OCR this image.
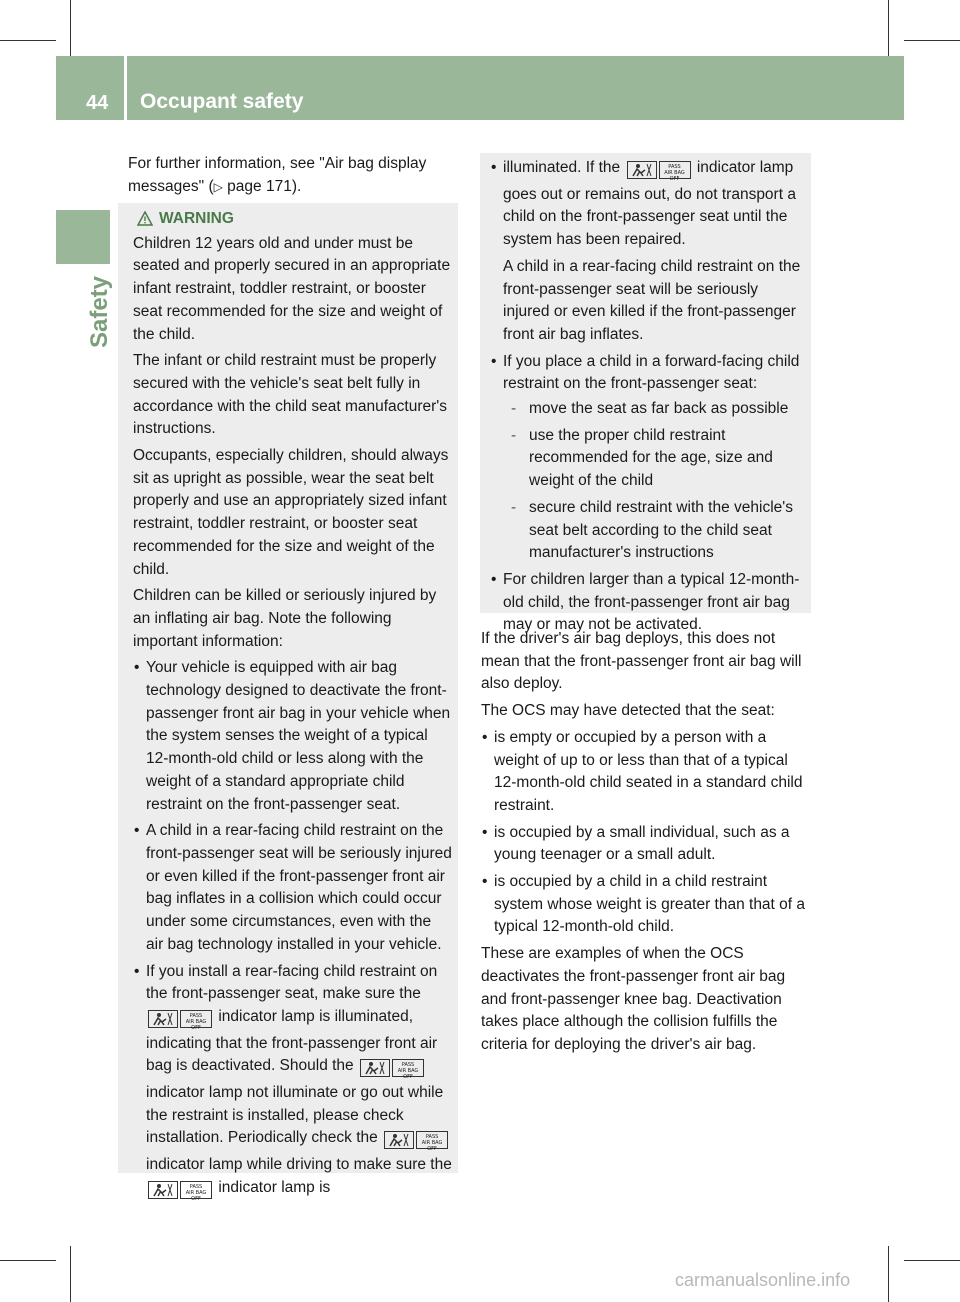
44 Occupant safety
Safety

For further information, see "Air bag display messages" (▷ page 171).

WARNING

Children 12 years old and under must be seated and properly secured in an appropriate infant restraint, toddler restraint, or booster seat recommended for the size and weight of the child.

The infant or child restraint must be properly secured with the vehicle's seat belt fully in accordance with the child seat manufacturer's instructions.

Occupants, especially children, should always sit as upright as possible, wear the seat belt properly and use an appropriately sized infant restraint, toddler restraint, or booster seat recommended for the size and weight of the child.

Children can be killed or seriously injured by an inflating air bag. Note the following important information:

• Your vehicle is equipped with air bag technology designed to deactivate the front-passenger front air bag in your vehicle when the system senses the weight of a typical 12-month-old child or less along with the weight of a standard appropriate child restraint on the front-passenger seat.
• A child in a rear-facing child restraint on the front-passenger seat will be seriously injured or even killed if the front-passenger front air bag inflates in a collision which could occur under some circumstances, even with the air bag technology installed in your vehicle.
• If you install a rear-facing child restraint on the front-passenger seat, make sure the
PASS
AIR BAG OFF
indicator lamp is illuminated, indicating that the front-passenger front air bag is deactivated. Should the	PASS
AIR BAG OFF
indicator lamp not illuminate or go out while the restraint is installed, please check installation. Periodically check the	PASS
AIR BAG OFF
indicator lamp while driving to make sure the
PASS
AIR BAG OFF
indicator lamp is
• illuminated. If the	PASS
AIR BAG OFF
indicator lamp goes out or remains out, do not transport a child on the front-passenger seat until the system has been repaired.

A child in a rear-facing child restraint on the front-passenger seat will be seriously injured or even killed if the front-passenger front air bag inflates.

• If you place a child in a forward-facing child restraint on the front-passenger seat:
- move the seat as far back as possible
- use the proper child restraint recommended for the age, size and weight of the child
- secure child restraint with the vehicle's seat belt according to the child seat manufacturer's instructions
• For children larger than a typical 12-month-old child, the front-passenger front air bag may or may not be activated.

If the driver's air bag deploys, this does not mean that the front-passenger front air bag will also deploy.

The OCS may have detected that the seat:

• is empty or occupied by a person with a weight of up to or less than that of a typical 12-month-old child seated in a standard child restraint.
• is occupied by a small individual, such as a young teenager or a small adult.
• is occupied by a child in a child restraint system whose weight is greater than that of a typical 12-month-old child.

These are examples of when the OCS deactivates the front-passenger front air bag and front-passenger knee bag. Deactivation takes place although the collision fulfills the criteria for deploying the driver's air bag.

carmanualsonline.info
